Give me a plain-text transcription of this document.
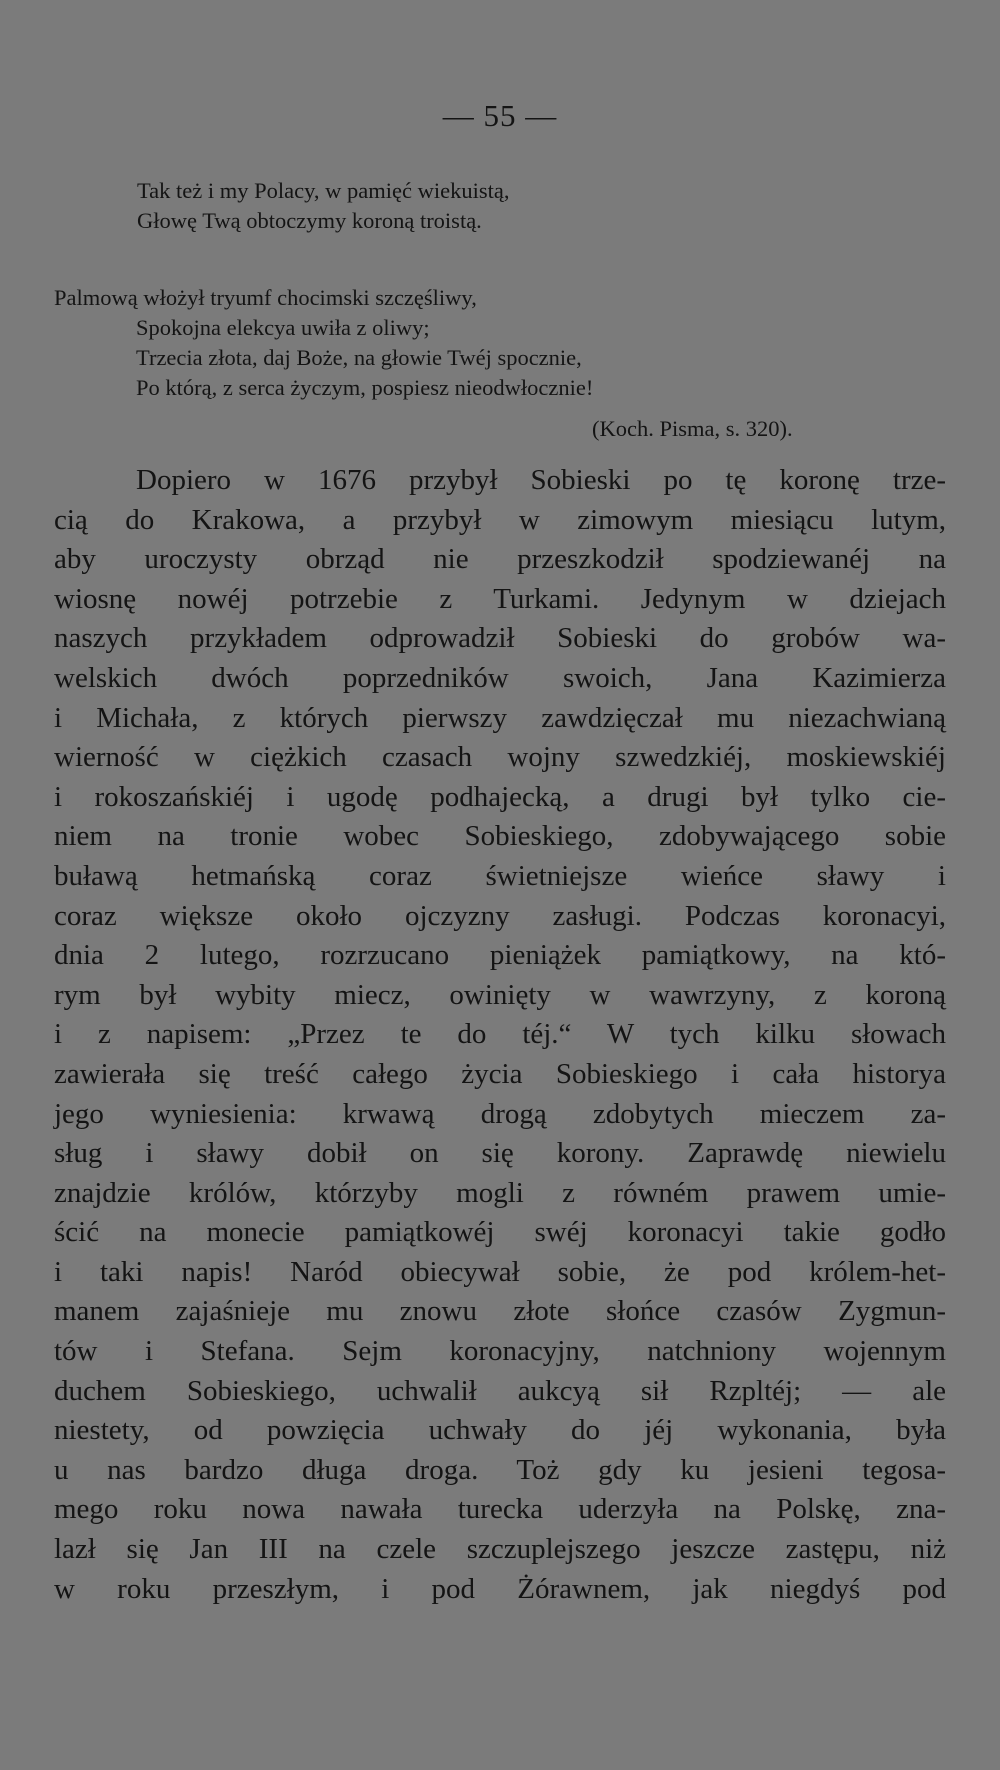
— 55 —
Tak też i my Polacy, w pamięć wiekuistą,
Głowę Twą obtoczymy koroną troistą.
Palmową włożył tryumf chocimski szczęśliwy,
Spokojna elekcya uwiła z oliwy;
Trzecia złota, daj Boże, na głowie Twéj spocznie,
Po którą, z serca życzym, pospiesz nieodwłocznie!
(Koch. Pisma, s. 320).
Dopiero w 1676 przybył Sobieski po tę koronę trze-
cią do Krakowa, a przybył w zimowym miesiącu lutym,
aby uroczysty obrząd nie przeszkodził spodziewanéj na
wiosnę nowéj potrzebie z Turkami. Jedynym w dziejach
naszych przykładem odprowadził Sobieski do grobów wa-
welskich dwóch poprzedników swoich, Jana Kazimierza
i Michała, z których pierwszy zawdzięczał mu niezachwianą
wierność w ciężkich czasach wojny szwedzkiéj, moskiewskiéj
i rokoszańskiéj i ugodę podhajecką, a drugi był tylko cie-
niem na tronie wobec Sobieskiego, zdobywającego sobie
buławą hetmańską coraz świetniejsze wieńce sławy i
coraz większe około ojczyzny zasługi. Podczas koronacyi,
dnia 2 lutego, rozrzucano pieniążek pamiątkowy, na któ-
rym był wybity miecz, owinięty w wawrzyny, z koroną
i z napisem: „Przez te do téj.“ W tych kilku słowach
zawierała się treść całego życia Sobieskiego i cała historya
jego wyniesienia: krwawą drogą zdobytych mieczem za-
sług i sławy dobił on się korony. Zaprawdę niewielu
znajdzie królów, którzyby mogli z równém prawem umie-
ścić na monecie pamiątkowéj swéj koronacyi takie godło
i taki napis! Naród obiecywał sobie, że pod królem-het-
manem zajaśnieje mu znowu złote słońce czasów Zygmun-
tów i Stefana. Sejm koronacyjny, natchniony wojennym
duchem Sobieskiego, uchwalił aukcyą sił Rzpltéj; — ale
niestety, od powzięcia uchwały do jéj wykonania, była
u nas bardzo długa droga. Toż gdy ku jesieni tegosa-
mego roku nowa nawała turecka uderzyła na Polskę, zna-
lazł się Jan III na czele szczuplejszego jeszcze zastępu, niż
w roku przeszłym, i pod Żórawnem, jak niegdyś pod
